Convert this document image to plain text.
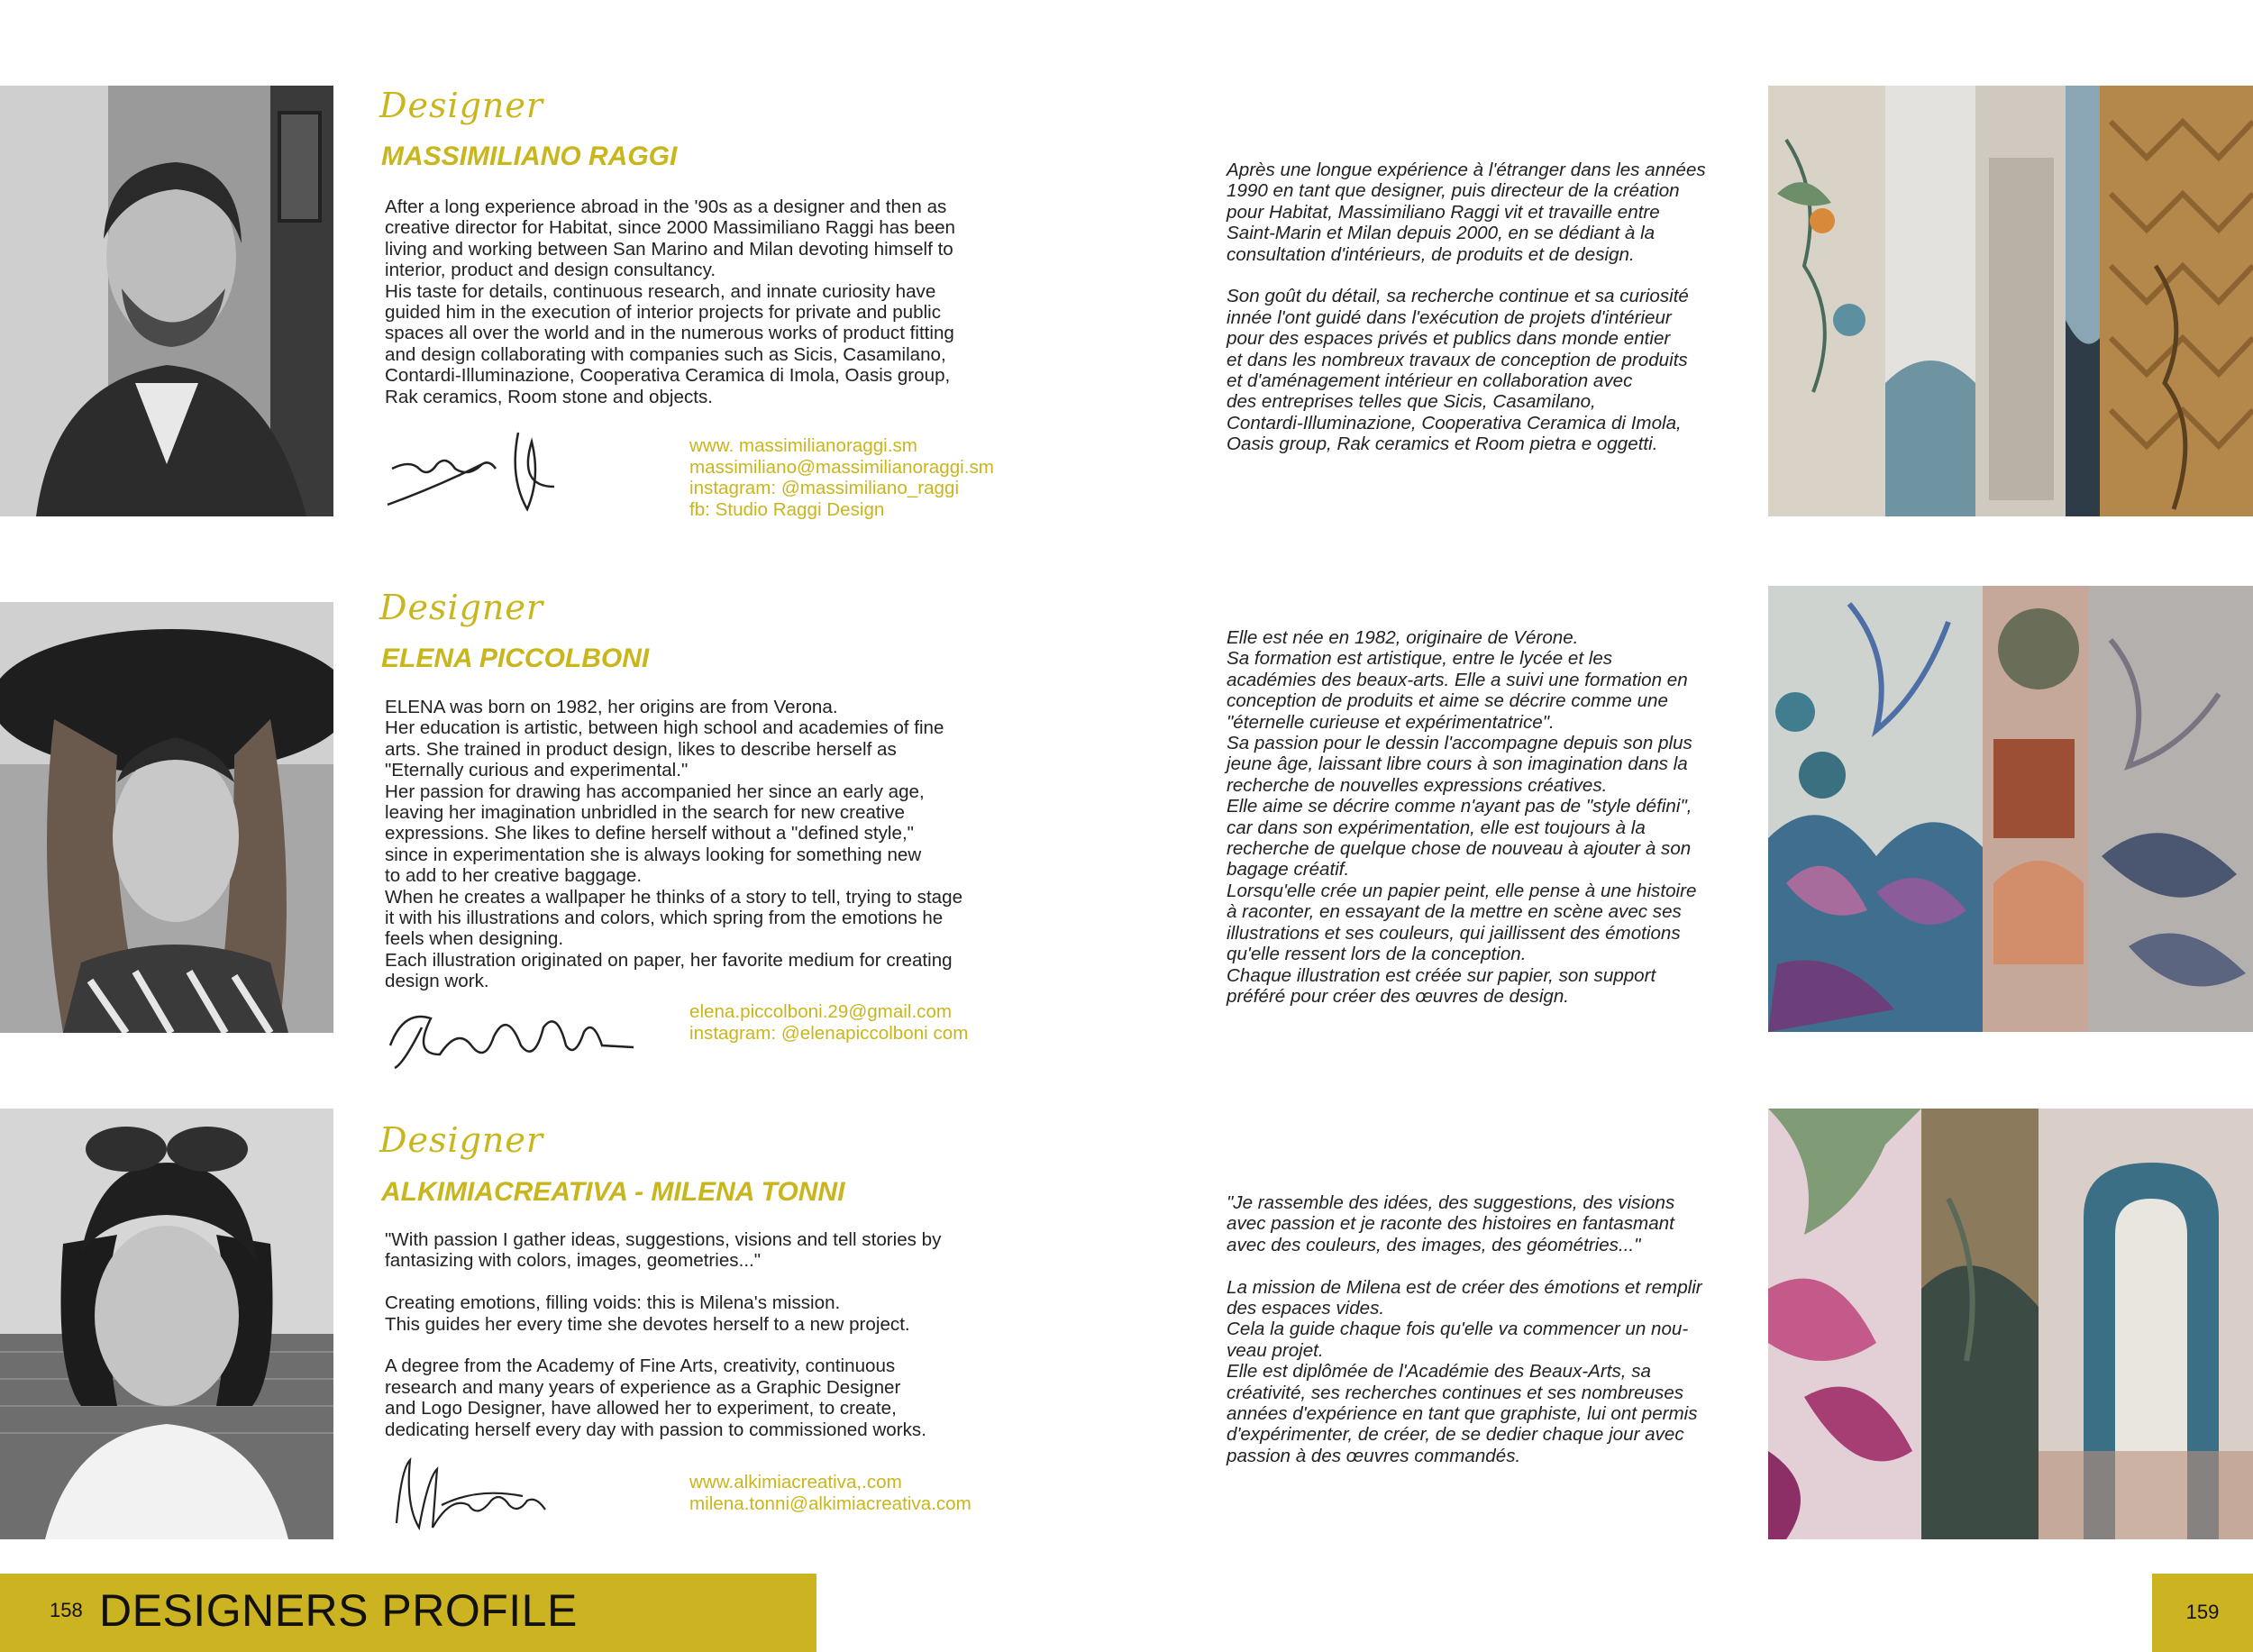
Designer
MASSIMILIANO RAGGI

After a long experience abroad in the '90s as a designer and then as

creative director for Habitat, since 2000 Massimiliano Raggi has been

living and working between San Marino and Milan devoting himself to

interior, product and design consultancy.

His taste for details, continuous research, and innate curiosity have

guided him in the execution of interior projects for private and public

spaces all over the world and in the numerous works of product fitting

and design collaborating with companies such as Sicis, Casamilano,

Contardi-Illuminazione, Cooperativa Ceramica di Imola, Oasis group,

Rak ceramics, Room stone and objects.

www. massimilianoraggi.sm
massimiliano@massimilianoraggi.sm
instagram: @massimiliano_raggi
fb: Studio Raggi Design

Après une longue expérience à l'étranger dans les années

1990 en tant que designer, puis directeur de la création

pour Habitat, Massimiliano Raggi vit et travaille entre

Saint-Marin et Milan depuis 2000, en se dédiant à la

consultation d'intérieurs, de produits et de design.

Son goût du détail, sa recherche continue et sa curiosité

innée l'ont guidé dans l'exécution de projets d'intérieur

pour des espaces privés et publics dans monde entier

et dans les nombreux travaux de conception de produits

et d'aménagement intérieur en collaboration avec

des entreprises telles que Sicis, Casamilano,

Contardi-Illuminazione, Cooperativa Ceramica di Imola,

Oasis group, Rak ceramics et Room pietra e oggetti.

Designer
ELENA PICCOLBONI

ELENA was born on 1982, her origins are from Verona.

Her education is artistic, between high school and academies of fine

arts. She trained in product design, likes to describe herself as

"Eternally curious and experimental."

Her passion for drawing has accompanied her since an early age,

leaving her imagination unbridled in the search for new creative

expressions. She likes to define herself without a "defined style,"

since in experimentation she is always looking for something new

to add to her creative baggage.

When he creates a wallpaper he thinks of a story to tell, trying to stage

it with his illustrations and colors, which spring from the emotions he

feels when designing.

Each illustration originated on paper, her favorite medium for creating

design work.

elena.piccolboni.29@gmail.com
instagram: @elenapiccolboni com

Elle est née en 1982, originaire de Vérone.

Sa formation est artistique, entre le lycée et les

académies des beaux-arts. Elle a suivi une formation en

conception de produits et aime se décrire comme une

"éternelle curieuse et expérimentatrice".

Sa passion pour le dessin l'accompagne depuis son plus

jeune âge, laissant libre cours à son imagination dans la

recherche de nouvelles expressions créatives.

Elle aime se décrire comme n'ayant pas de "style défini",

car dans son expérimentation, elle est toujours à la

recherche de quelque chose de nouveau à ajouter à son

bagage créatif.

Lorsqu'elle crée un papier peint, elle pense à une histoire

à raconter, en essayant de la mettre en scène avec ses

illustrations et ses couleurs, qui jaillissent des émotions

qu'elle ressent lors de la conception.

Chaque illustration est créée sur papier, son support

préféré pour créer des œuvres de design.

Designer
ALKIMIACREATIVA - MILENA TONNI

"With passion I gather ideas, suggestions, visions and tell stories by

fantasizing with colors, images, geometries..."

Creating emotions, filling voids: this is Milena's mission.

This guides her every time she devotes herself to a new project.

A degree from the Academy of Fine Arts, creativity, continuous

research and many years of experience as a Graphic Designer

and Logo Designer, have allowed her to experiment, to create,

dedicating herself every day with passion to commissioned works.

www.alkimiacreativa,.com
milena.tonni@alkimiacreativa.com

"Je rassemble des idées, des suggestions, des visions

avec passion et je raconte des histoires en fantasmant

avec des couleurs, des images, des géométries..."

La mission de Milena est de créer des émotions et remplir

des espaces vides.

Cela la guide chaque fois qu'elle va commencer un nou-

veau projet.

Elle est diplômée de l'Académie des Beaux-Arts, sa

créativité, ses recherches continues et ses nombreuses

années d'expérience en tant que graphiste, lui ont permis

d'expérimenter, de créer, de se dedier chaque jour avec

passion à des œuvres commandés.

158 DESIGNERS PROFILE	159
